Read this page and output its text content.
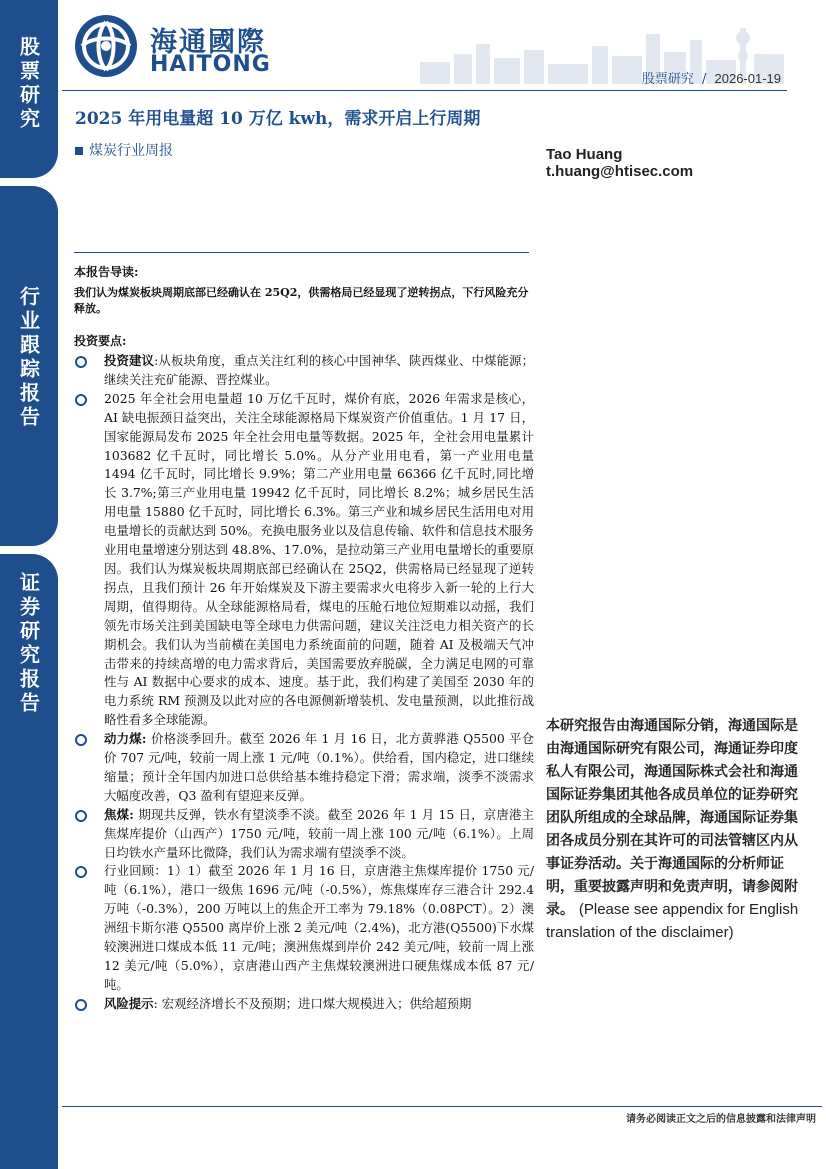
股票研究
行业跟踪报告
证券研究报告
海通國際
HAITONG
股票研究 / 2026-01-19
2025 年用电量超 10 万亿 kwh，需求开启上行周期
煤炭行业周报	Tao Huang
t.huang@htisec.com
本报告导读:
我们认为煤炭板块周期底部已经确认在 25Q2，供需格局已经显现了逆转拐点，下行风险充分释放。
投资要点:
投资建议:从板块角度，重点关注红利的核心中国神华、陕西煤业、中煤能源；继续关注充矿能源、晋控煤业。
2025 年全社会用电量超 10 万亿千瓦时，煤价有底，2026 年需求是核心，AI 缺电振颈日益突出，关注全球能源格局下煤炭资产价值重估。1 月 17 日，国家能源局发布 2025 年全社会用电量等数据。2025 年，全社会用电量累计 103682 亿千瓦时，同比增长 5.0%。从分产业用电看，第一产业用电量 1494 亿千瓦时，同比增长 9.9%；第二产业用电量 66366 亿千瓦时,同比增长 3.7%;第三产业用电量 19942 亿千瓦时，同比增长 8.2%；城乡居民生活用电量 15880 亿千瓦时，同比增长 6.3%。第三产业和城乡居民生活用电对用电量增长的贡献达到 50%。充换电服务业以及信息传输、软件和信息技术服务业用电量增速分别达到 48.8%、17.0%，是拉动第三产业用电量增长的重要原因。我们认为煤炭板块周期底部已经确认在 25Q2，供需格局已经显现了逆转拐点，且我们预计 26 年开始煤炭及下游主要需求火电将步入新一轮的上行大周期，值得期待。从全球能源格局看，煤电的压舱石地位短期难以动摇，我们领先市场关注到美国缺电等全球电力供需问题，建议关注泛电力相关资产的长期机会。我们认为当前横在美国电力系统面前的问题，随着 AI 及极端天气冲击带来的持续高增的电力需求背后，美国需要放弃脱碳，全力满足电网的可靠性与 AI 数据中心要求的成本、速度。基于此，我们构建了美国至 2030 年的电力系统 RM 预测及以此对应的各电源侧新增装机、发电量预测，以此推衍战略性看多全球能源。
动力煤: 价格淡季回升。截至 2026 年 1 月 16 日，北方黄骅港 Q5500 平仓价 707 元/吨，较前一周上涨 1 元/吨（0.1%）。供给看，国内稳定，进口继续缩量；预计全年国内加进口总供给基本维持稳定下滑；需求端，淡季不淡需求大幅度改善，Q3 盈利有望迎来反弹。
焦煤: 期现共反弹，铁水有望淡季不淡。截至 2026 年 1 月 15 日，京唐港主焦煤库提价（山西产）1750 元/吨，较前一周上涨 100 元/吨（6.1%）。上周日均铁水产量环比微降，我们认为需求端有望淡季不淡。
行业回顾：1）1）截至 2026 年 1 月 16 日，京唐港主焦煤库提价 1750 元/吨（6.1%），港口一级焦 1696 元/吨（-0.5%），炼焦煤库存三港合计 292.4 万吨（-0.3%），200 万吨以上的焦企开工率为 79.18%（0.08PCT）。2）澳洲纽卡斯尔港 Q5500 离岸价上涨 2 美元/吨（2.4%)，北方港(Q5500)下水煤较澳洲进口煤成本低 11 元/吨；澳洲焦煤到岸价 242 美元/吨，较前一周上涨 12 美元/吨（5.0%），京唐港山西产主焦煤较澳洲进口硬焦煤成本低 87 元/吨。
风险提示: 宏观经济增长不及预期；进口煤大规模进入；供给超预期
本研究报告由海通国际分销，海通国际是由海通国际研究有限公司，海通证券印度私人有限公司，海通国际株式会社和海通国际证券集团其他各成员单位的证券研究团队所组成的全球品牌，海通国际证券集团各成员分别在其许可的司法管辖区内从事证券活动。关于海通国际的分析师证明，重要披露声明和免责声明，请参阅附录。 (Please see appendix for English translation of the disclaimer)
请务必阅读正文之后的信息披露和法律声明
